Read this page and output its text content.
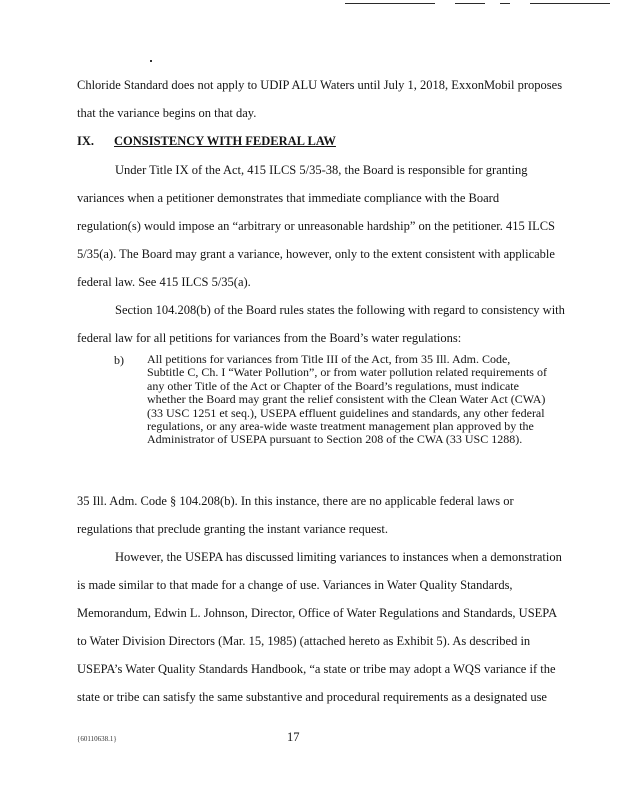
Chloride Standard does not apply to UDIP ALU Waters until July 1, 2018, ExxonMobil proposes
that the variance begins on that day.
IX. CONSISTENCY WITH FEDERAL LAW
Under Title IX of the Act, 415 ILCS 5/35-38, the Board is responsible for granting
variances when a petitioner demonstrates that immediate compliance with the Board
regulation(s) would impose an “arbitrary or unreasonable hardship” on the petitioner. 415 ILCS
5/35(a). The Board may grant a variance, however, only to the extent consistent with applicable
federal law. See 415 ILCS 5/35(a).
Section 104.208(b) of the Board rules states the following with regard to consistency with
federal law for all petitions for variances from the Board’s water regulations:
b) All petitions for variances from Title III of the Act, from 35 Ill. Adm. Code, Subtitle C, Ch. I “Water Pollution”, or from water pollution related requirements of any other Title of the Act or Chapter of the Board’s regulations, must indicate whether the Board may grant the relief consistent with the Clean Water Act (CWA) (33 USC 1251 et seq.), USEPA effluent guidelines and standards, any other federal regulations, or any area-wide waste treatment management plan approved by the Administrator of USEPA pursuant to Section 208 of the CWA (33 USC 1288).
35 Ill. Adm. Code § 104.208(b). In this instance, there are no applicable federal laws or
regulations that preclude granting the instant variance request.
However, the USEPA has discussed limiting variances to instances when a demonstration
is made similar to that made for a change of use. Variances in Water Quality Standards,
Memorandum, Edwin L. Johnson, Director, Office of Water Regulations and Standards, USEPA
to Water Division Directors (Mar. 15, 1985) (attached hereto as Exhibit 5). As described in
USEPA’s Water Quality Standards Handbook, “a state or tribe may adopt a WQS variance if the
state or tribe can satisfy the same substantive and procedural requirements as a designated use
{60110638.1}	17
